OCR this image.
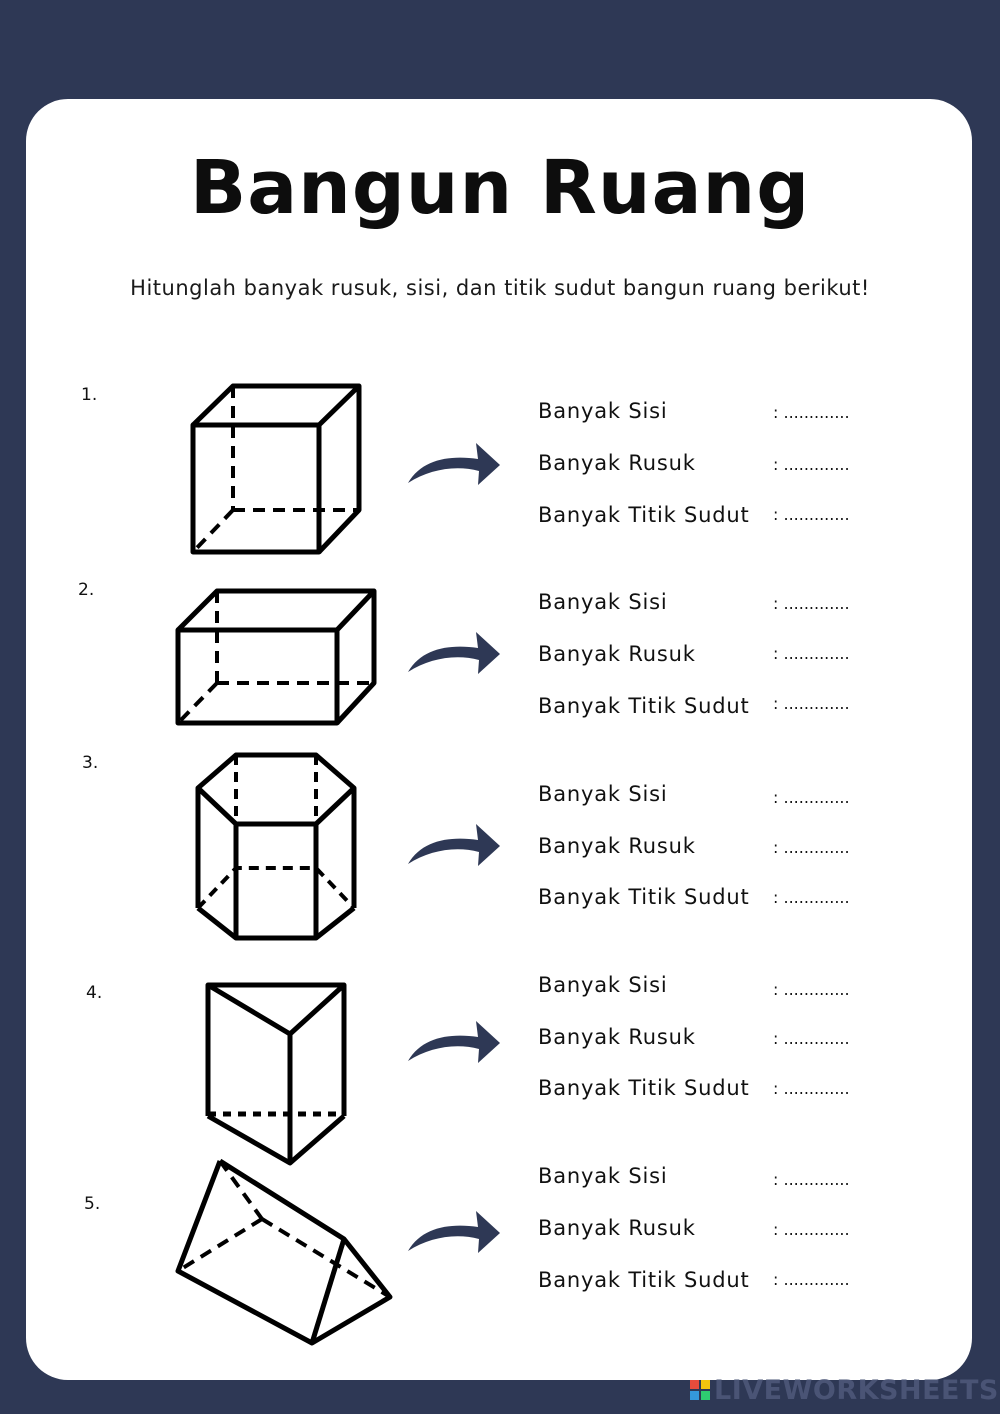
Bangun Ruang
Hitunglah banyak rusuk, sisi, dan titik sudut bangun ruang berikut!
1.
2.
3.
4.
5.
Banyak Sisi
Banyak Rusuk
Banyak Titik Sudut
: .............
: .............
: .............
Banyak Sisi
Banyak Rusuk
Banyak Titik Sudut
: .............
: .............
: .............
Banyak Sisi
Banyak Rusuk
Banyak Titik Sudut
: .............
: .............
: .............
Banyak Sisi
Banyak Rusuk
Banyak Titik Sudut
: .............
: .............
: .............
Banyak Sisi
Banyak Rusuk
Banyak Titik Sudut
: .............
: .............
: .............
LIVEWORKSHEETS
